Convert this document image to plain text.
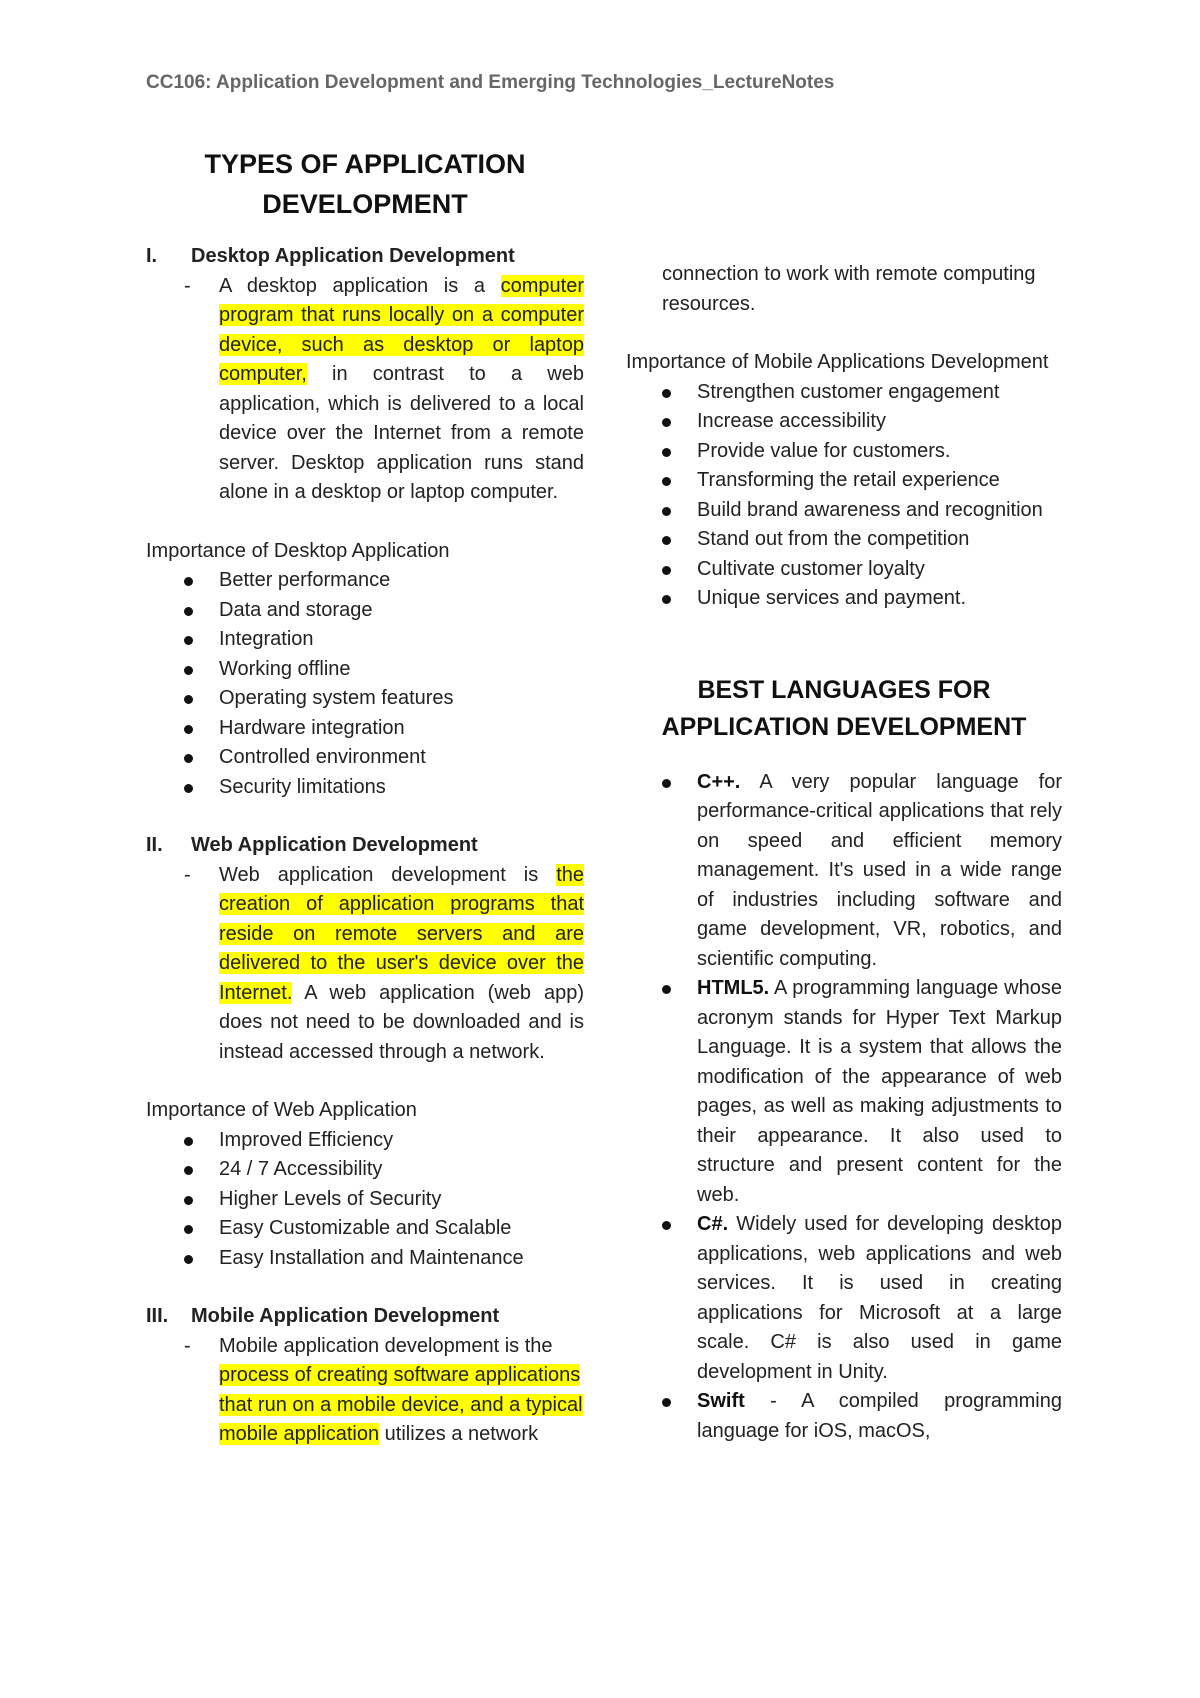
CC106: Application Development and Emerging Technologies_LectureNotes
TYPES OF APPLICATION DEVELOPMENT
I.	Desktop Application Development
-	A desktop application is a computer program that runs locally on a computer device, such as desktop or laptop computer, in contrast to a web application, which is delivered to a local device over the Internet from a remote server. Desktop application runs stand alone in a desktop or laptop computer.

Importance of Desktop Application

Better performance
Data and storage
Integration
Working offline
Operating system features
Hardware integration
Controlled environment
Security limitations
II.	Web Application Development
-	Web application development is the creation of application programs that reside on remote servers and are delivered to the user's device over the Internet. A web application (web app) does not need to be downloaded and is instead accessed through a network.

Importance of Web Application

Improved Efficiency
24 / 7 Accessibility
Higher Levels of Security
Easy Customizable and Scalable
Easy Installation and Maintenance
III.	Mobile Application Development
-	Mobile application development is the process of creating software applications that run on a mobile device, and a typical mobile application utilizes a network
connection to work with remote computing resources.

Importance of Mobile Applications Development

Strengthen customer engagement
Increase accessibility
Provide value for customers.
Transforming the retail experience
Build brand awareness and recognition
Stand out from the competition
Cultivate customer loyalty
Unique services and payment.
BEST LANGUAGES FOR APPLICATION DEVELOPMENT
C++. A very popular language for performance-critical applications that rely on speed and efficient memory management. It's used in a wide range of industries including software and game development, VR, robotics, and scientific computing.
HTML5. A programming language whose acronym stands for Hyper Text Markup Language. It is a system that allows the modification of the appearance of web pages, as well as making adjustments to their appearance. It also used to structure and present content for the web.
C#. Widely used for developing desktop applications, web applications and web services. It is used in creating applications for Microsoft at a large scale. C# is also used in game development in Unity.
Swift - A compiled programming language for iOS, macOS,
